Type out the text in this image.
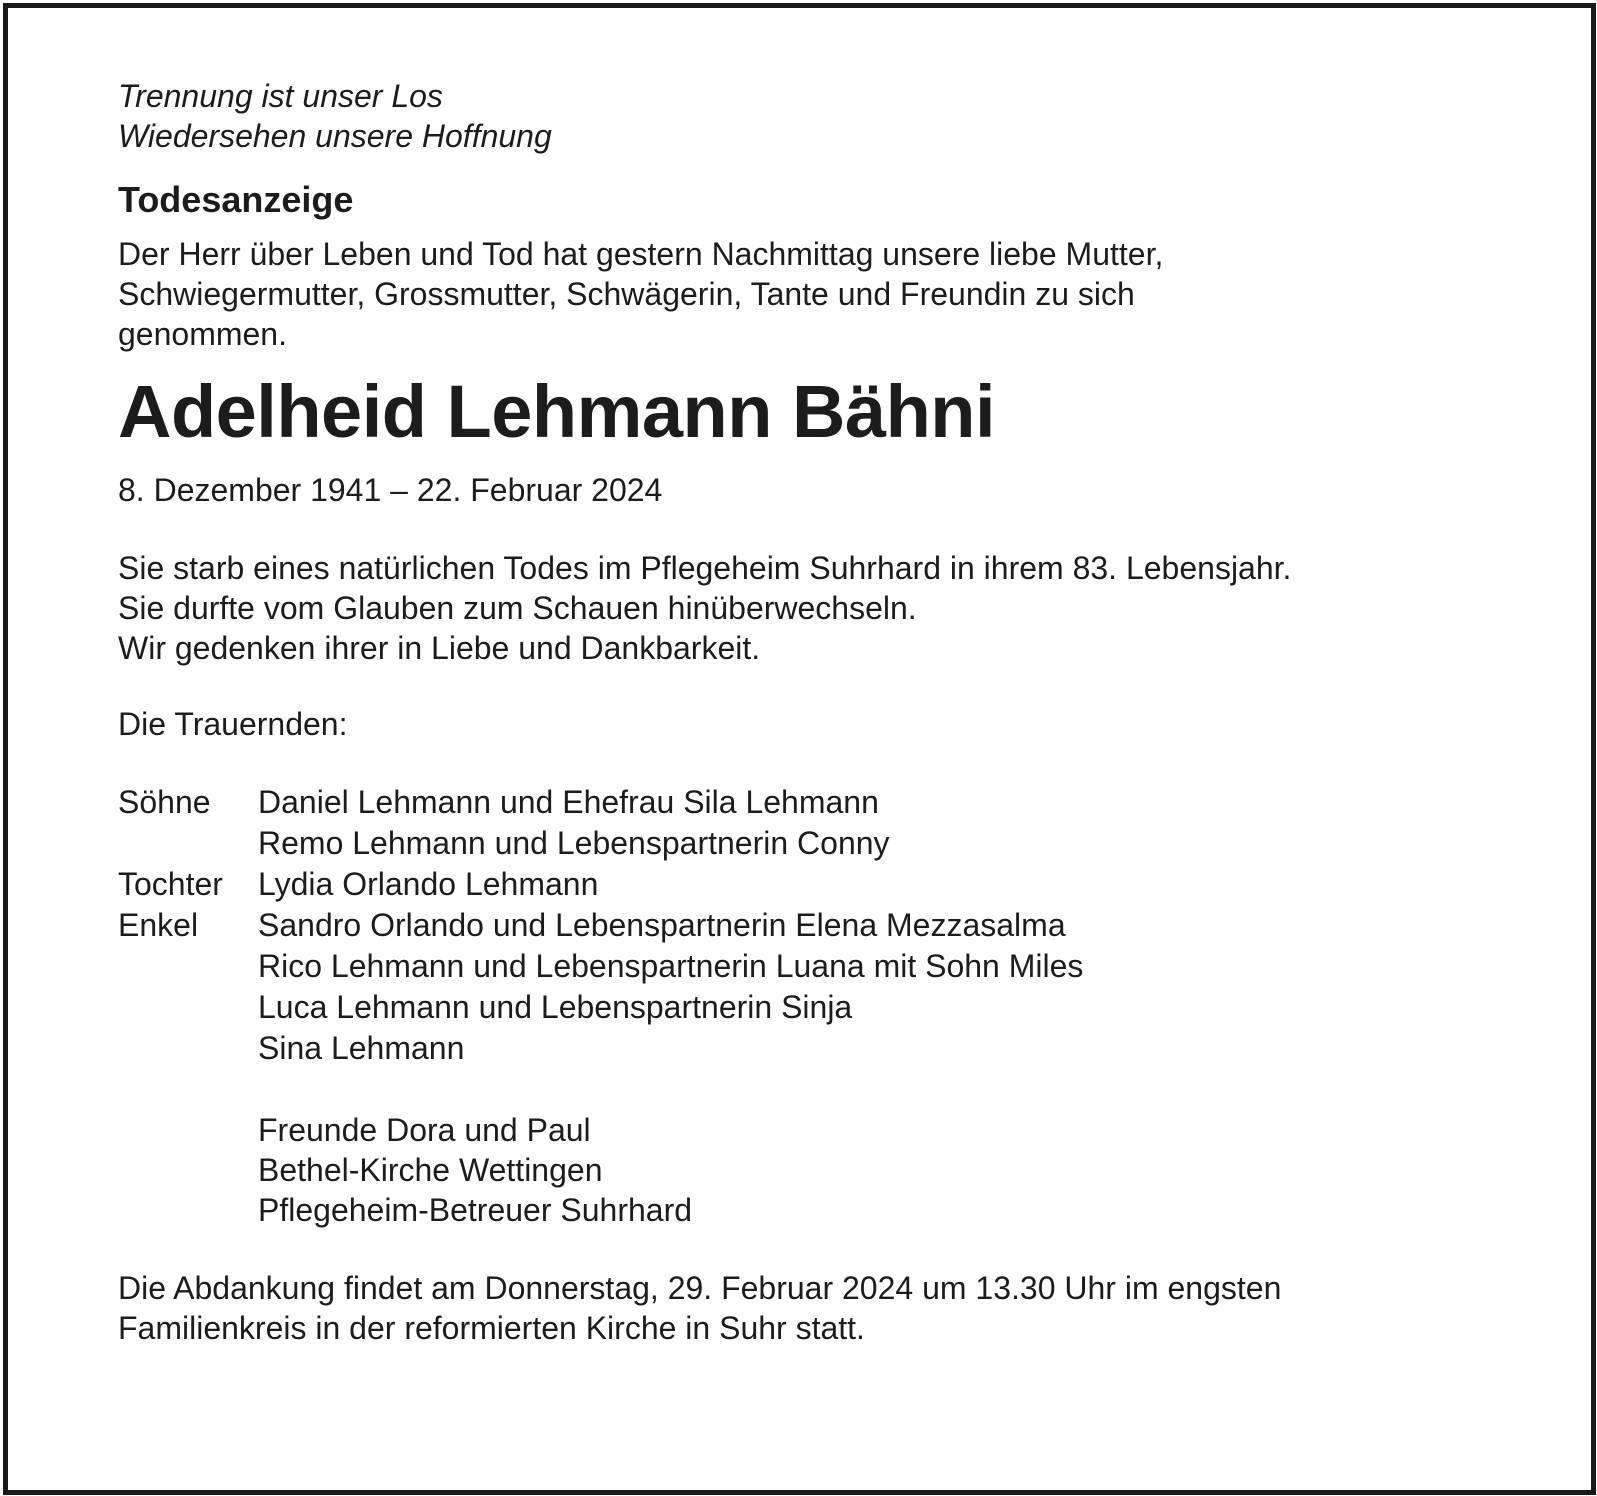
Trennung ist unser Los
Wiedersehen unsere Hoffnung
Todesanzeige
Der Herr über Leben und Tod hat gestern Nachmittag unsere liebe Mutter,
Schwiegermutter, Grossmutter, Schwägerin, Tante und Freundin zu sich
genommen.
Adelheid Lehmann Bähni
8. Dezember 1941 – 22. Februar 2024
Sie starb eines natürlichen Todes im Pflegeheim Suhrhard in ihrem 83. Lebensjahr.
Sie durfte vom Glauben zum Schauen hinüberwechseln.
Wir gedenken ihrer in Liebe und Dankbarkeit.
Die Trauernden:
Söhne	Daniel Lehmann und Ehefrau Sila Lehmann
Remo Lehmann und Lebenspartnerin Conny
Tochter	Lydia Orlando Lehmann
Enkel	Sandro Orlando und Lebenspartnerin Elena Mezzasalma
Rico Lehmann und Lebenspartnerin Luana mit Sohn Miles
Luca Lehmann und Lebenspartnerin Sinja
Sina Lehmann
Freunde Dora und Paul
Bethel-Kirche Wettingen
Pflegeheim-Betreuer Suhrhard
Die Abdankung findet am Donnerstag, 29. Februar 2024 um 13.30 Uhr im engsten
Familienkreis in der reformierten Kirche in Suhr statt.
